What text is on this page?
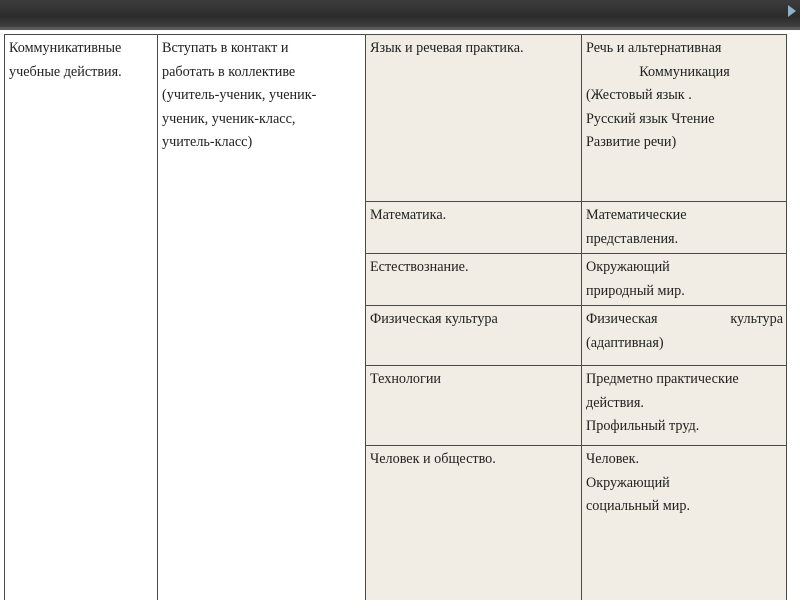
Коммуникативные
учебные действия.	Вступать в контакт и
работать в коллективе
(учитель-ученик, ученик-
ученик, ученик-класс,
учитель-класс)	Язык и речевая практика.	Речь и альтернативная
Коммуникация
(Жестовый язык .
Русский язык Чтение
Развитие речи)

		Математика.	Математические
представления.

		Естествознание.	Окружающий
природный мир.

		Физическая культура	Физическая культура
(адаптивная)

		Технологии	Предметно практические
действия.
Профильный труд.

		Человек и общество.	Человек.
Окружающий
социальный мир.
